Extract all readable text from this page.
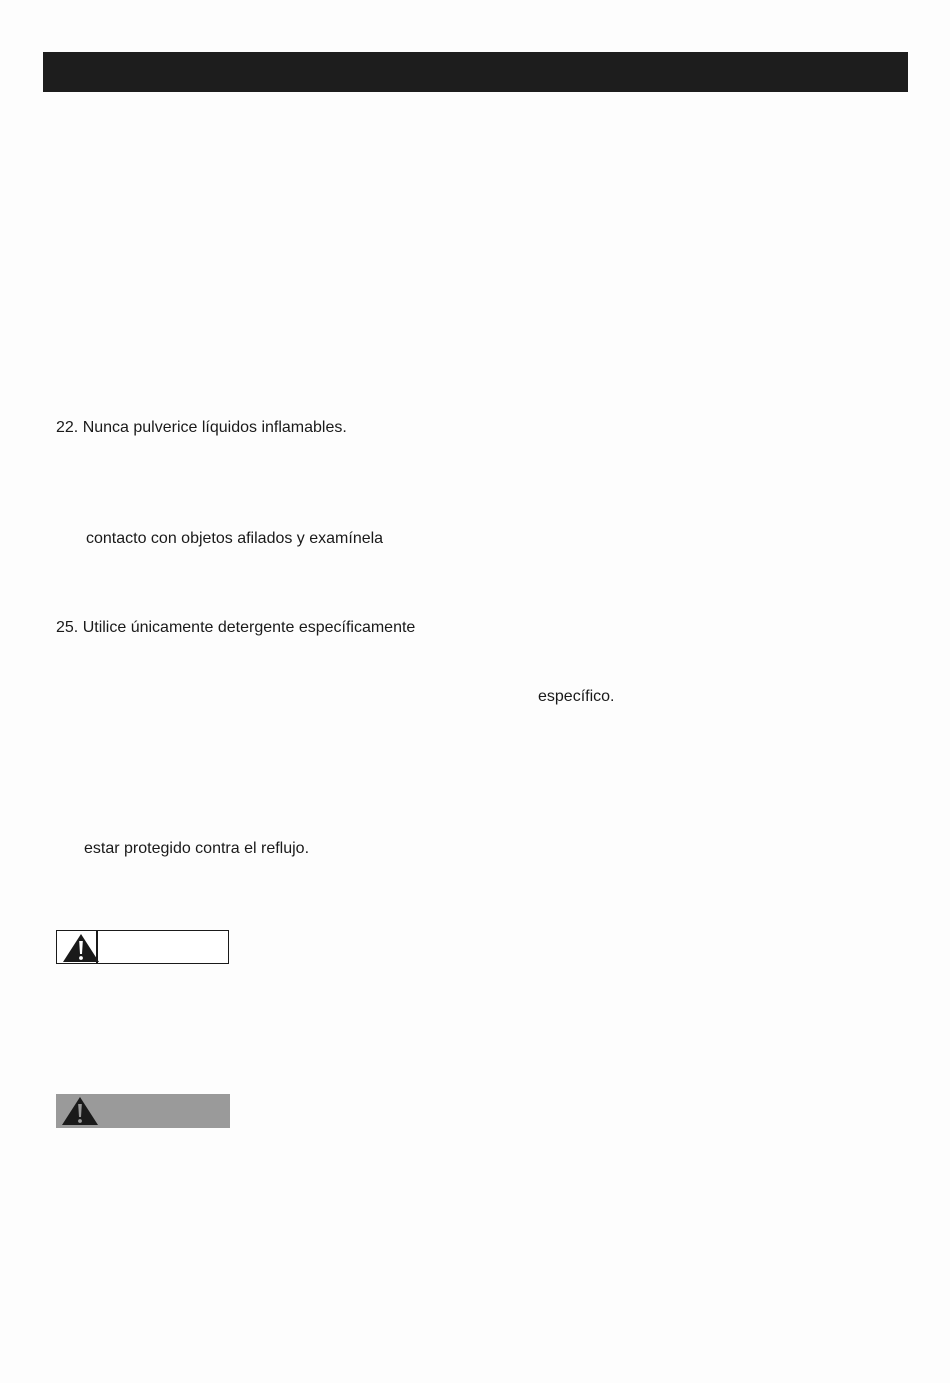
22. Nunca pulverice líquidos inflamables.
contacto con objetos afilados y examínela
25. Utilice únicamente detergente específicamente
específico.
estar protegido contra el reflujo.
